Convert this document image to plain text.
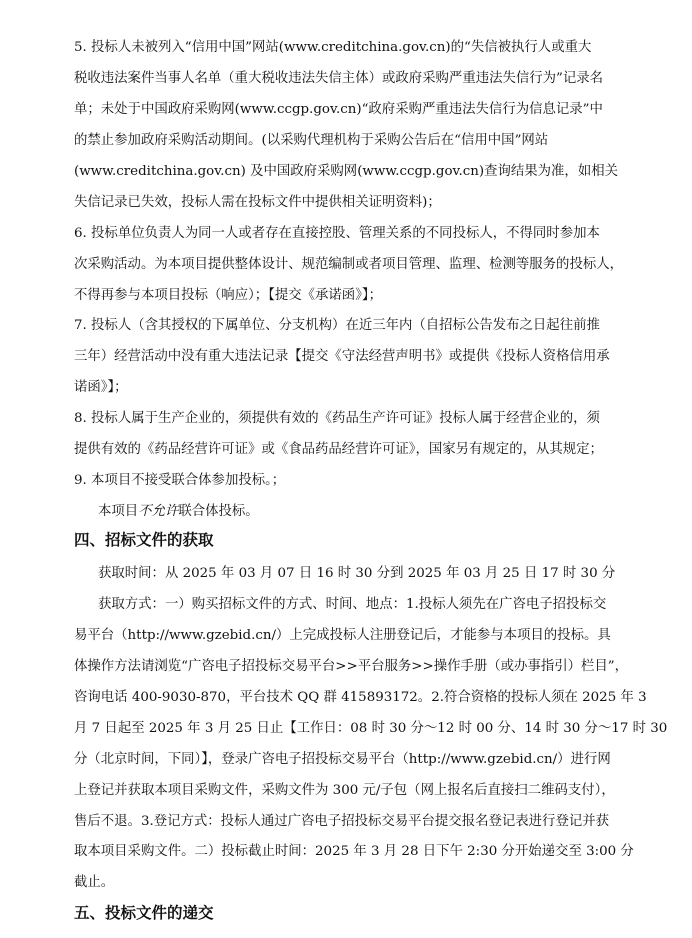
5. 投标人未被列入“信用中国”网站(www.creditchina.gov.cn)的“失信被执行人或重大
税收违法案件当事人名单（重大税收违法失信主体）或政府采购严重违法失信行为”记录名
单；未处于中国政府采购网(www.ccgp.gov.cn)“政府采购严重违法失信行为信息记录”中
的禁止参加政府采购活动期间。(以采购代理机构于采购公告后在“信用中国”网站
(www.creditchina.gov.cn) 及中国政府采购网(www.ccgp.gov.cn)查询结果为准，如相关
失信记录已失效，投标人需在投标文件中提供相关证明资料)；
6. 投标单位负责人为同一人或者存在直接控股、管理关系的不同投标人，不得同时参加本
次采购活动。为本项目提供整体设计、规范编制或者项目管理、监理、检测等服务的投标人，
不得再参与本项目投标（响应）；【提交《承诺函》】；
7. 投标人（含其授权的下属单位、分支机构）在近三年内（自招标公告发布之日起往前推
三年）经营活动中没有重大违法记录【提交《守法经营声明书》或提供《投标人资格信用承
诺函》】；
8. 投标人属于生产企业的，须提供有效的《药品生产许可证》投标人属于经营企业的，须
提供有效的《药品经营许可证》或《食品药品经营许可证》，国家另有规定的，从其规定；
9. 本项目不接受联合体参加投标。；
本项目不允许联合体投标。
四、招标文件的获取
获取时间：从 2025 年 03 月 07 日 16 时 30 分到 2025 年 03 月 25 日 17 时 30 分
获取方式：一）购买招标文件的方式、时间、地点：1.投标人须先在广咨电子招投标交
易平台（http://www.gzebid.cn/）上完成投标人注册登记后，才能参与本项目的投标。具
体操作方法请浏览“广咨电子招投标交易平台>>平台服务>>操作手册（或办事指引）栏目”，
咨询电话 400-9030-870，平台技术 QQ 群 415893172。2.符合资格的投标人须在 2025 年 3
月 7 日起至 2025 年 3 月 25 日止【工作日：08 时 30 分～12 时 00 分、14 时 30 分～17 时 30
分（北京时间，下同）】，登录广咨电子招投标交易平台（http://www.gzebid.cn/）进行网
上登记并获取本项目采购文件，采购文件为 300 元/子包（网上报名后直接扫二维码支付），
售后不退。3.登记方式：投标人通过广咨电子招投标交易平台提交报名登记表进行登记并获
取本项目采购文件。二）投标截止时间：2025 年 3 月 28 日下午 2:30 分开始递交至 3:00 分
截止。
五、投标文件的递交
